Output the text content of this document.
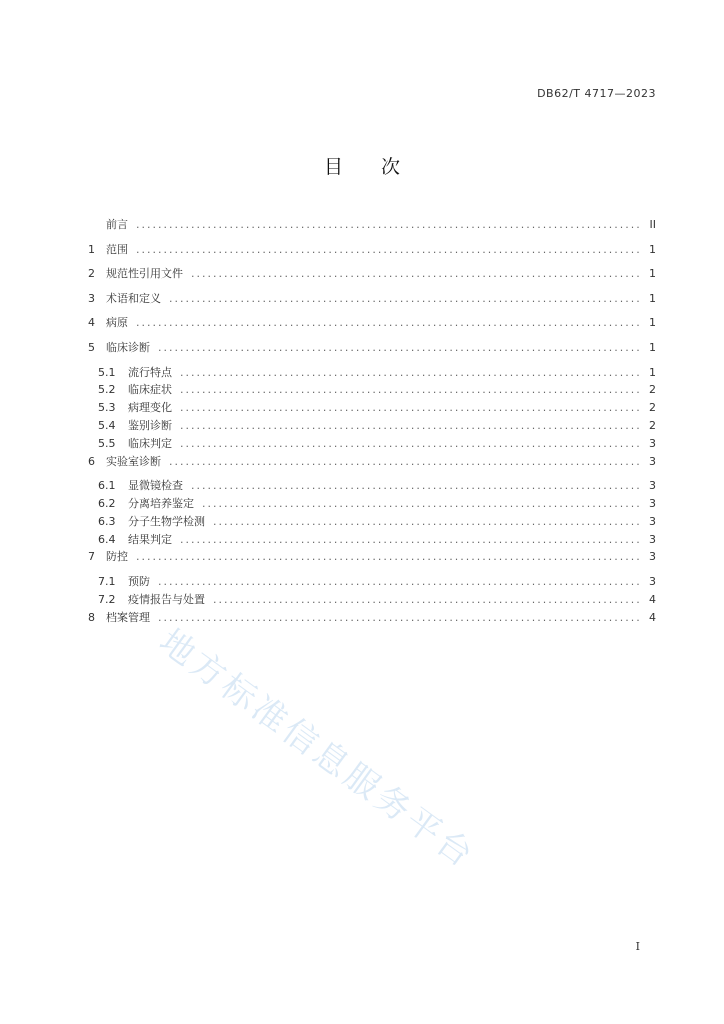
DB62/T 4717—2023
目次
前言 .....	II
1	范围 .....	1
2	规范性引用文件 .....	1
3	术语和定义 .....	1
4	病原 .....	1
5	临床诊断 .....	1
5.1	流行特点 .....	1
5.2	临床症状 .....	2
5.3	病理变化 .....	2
5.4	鉴别诊断 .....	2
5.5	临床判定 .....	3
6	实验室诊断 .....	3
6.1	显微镜检查 .....	3
6.2	分离培养鉴定 .....	3
6.3	分子生物学检测 .....	3
6.4	结果判定 .....	3
7	防控 .....	3
7.1	预防 .....	3
7.2	疫情报告与处置 .....	4
8	档案管理 .....	4
地方标准信息服务平台
I
